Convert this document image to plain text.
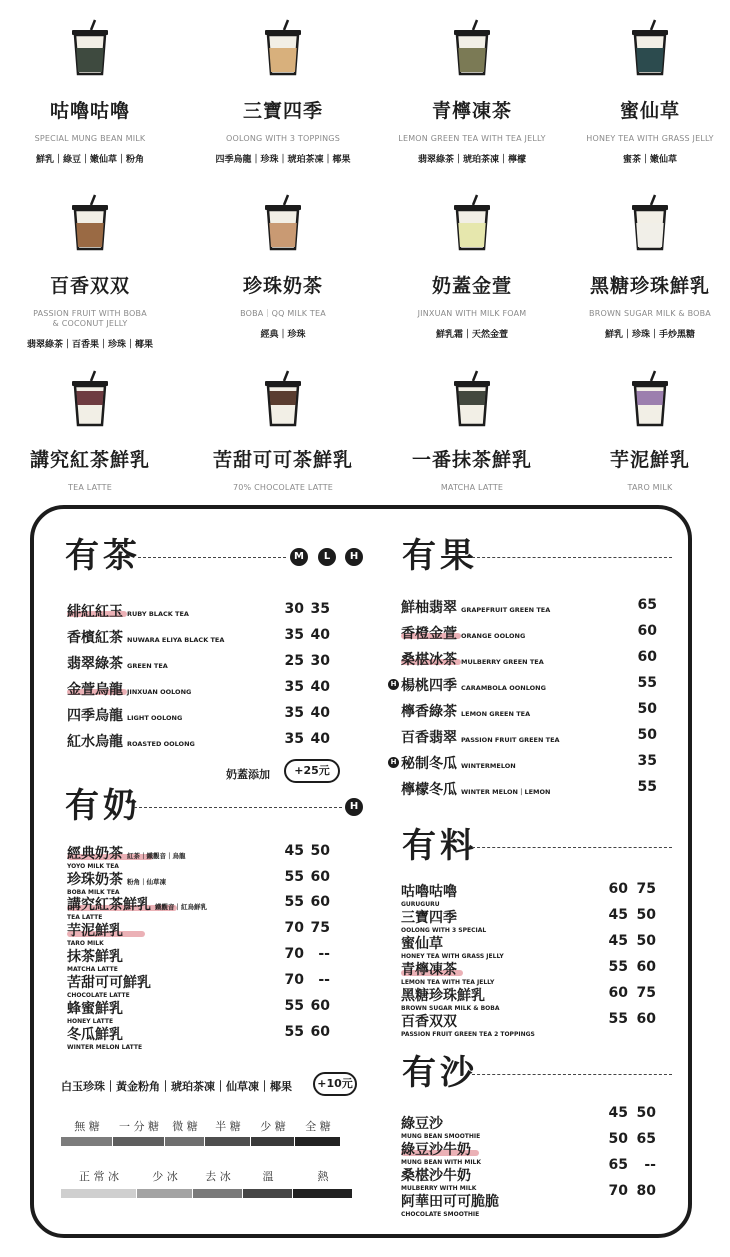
咕嚕咕嚕
SPECIAL MUNG BEAN MILK
鮮乳｜綠豆｜嫩仙草｜粉角
三寶四季
OOLONG WITH 3 TOPPINGS
四季烏龍｜珍珠｜琥珀茶凍｜椰果
青檸凍茶
LEMON GREEN TEA WITH TEA JELLY
翡翠綠茶｜琥珀茶凍｜檸檬
蜜仙草
HONEY TEA WITH GRASS JELLY
蜜茶｜嫩仙草
百香双双
PASSION FRUIT WITH BOBA
& COCONUT JELLY
翡翠綠茶｜百香果｜珍珠｜椰果
珍珠奶茶
BOBA｜QQ MILK TEA
經典｜珍珠
奶蓋金萱
JINXUAN WITH MILK FOAM
鮮乳霜｜天然金萱
黑糖珍珠鮮乳
BROWN SUGAR MILK & BOBA
鮮乳｜珍珠｜手炒黑糖
講究紅茶鮮乳
TEA LATTE
苦甜可可茶鮮乳
70% CHOCOLATE LATTE
一番抹茶鮮乳
MATCHA LATTE
芋泥鮮乳
TARO MILK
有茶	M	L	H
緋紅紅玉 RUBY BLACK TEA	30 35
香檳紅茶 NUWARA ELIYA BLACK TEA	35 40
翡翠綠茶 GREEN TEA	25 30
金萱烏龍 JINXUAN OOLONG	35 40
四季烏龍 LIGHT OOLONG	35 40
紅水烏龍 ROASTED OOLONG	35 40
奶蓋添加	+25元
有奶	H
經典奶茶 紅茶｜鐵觀音｜烏龍
YOYO MILK TEA
45 50
珍珠奶茶 粉角｜仙草凍
BOBA MILK TEA
55 60
講究紅茶鮮乳 鐵觀音｜紅烏鮮乳
TEA LATTE
55 60
芋泥鮮乳
TARO MILK
70 75
抹茶鮮乳
MATCHA LATTE
70	--
苦甜可可鮮乳
CHOCOLATE LATTE
70	--
蜂蜜鮮乳
HONEY LATTE
55 60
冬瓜鮮乳
WINTER MELON LATTE
55 60
白玉珍珠｜黃金粉角｜琥珀茶凍｜仙草凍｜椰果	+10元
無 糖	一 分 糖	微 糖	半 糖	少 糖	全 糖
正 常 冰	少 冰	去 冰	溫	熱
有果
鮮柚翡翠 GRAPEFRUIT GREEN TEA	65
香橙金萱 ORANGE OOLONG	60
桑椹冰茶 MULBERRY GREEN TEA	60
H 楊桃四季 CARAMBOLA OONLONG	55
檸香綠茶 LEMON GREEN TEA	50
百香翡翠 PASSION FRUIT GREEN TEA	50
H 秘制冬瓜 WINTERMELON	35
檸檬冬瓜 WINTER MELON｜LEMON	55
有料
咕嚕咕嚕
GURUGURU
60 75
三寶四季
OOLONG WITH 3 SPECIAL
45 50
蜜仙草
HONEY TEA WITH GRASS JELLY
45 50
青檸凍茶
LEMON TEA WITH TEA JELLY
55 60
黑糖珍珠鮮乳
BROWN SUGAR MILK & BOBA
60 75
百香双双
PASSION FRUIT GREEN TEA 2 TOPPINGS
55 60
有沙
綠豆沙
MUNG BEAN SMOOTHIE
45 50
綠豆沙牛奶
MUNG BEAN WITH MILK
50 65
桑椹沙牛奶
MULBERRY WITH MILK
65	--
阿華田可可脆脆
CHOCOLATE SMOOTHIE
70 80
